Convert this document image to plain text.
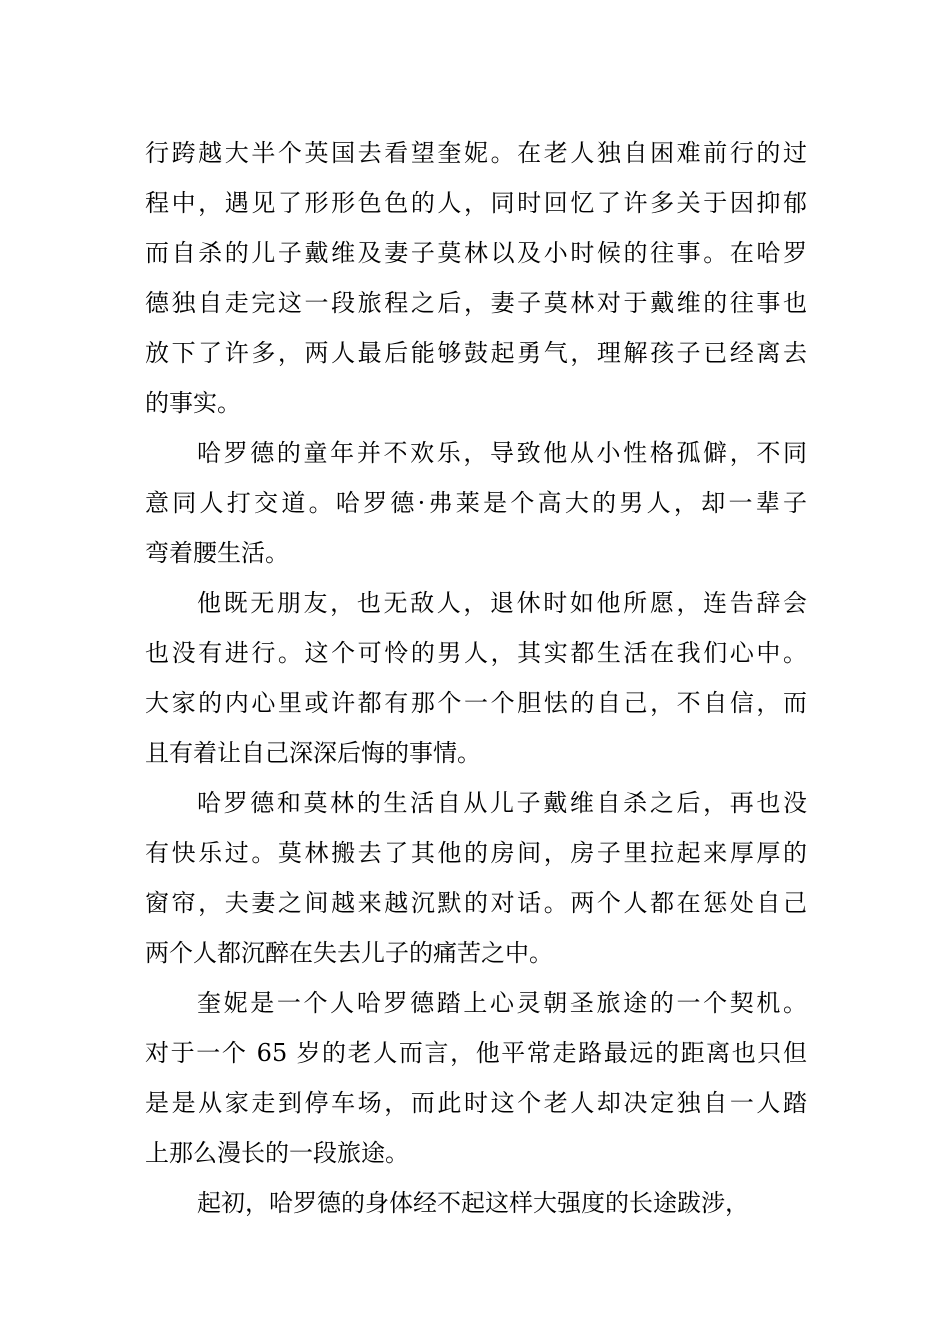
行跨越大半个英国去看望奎妮。在老人独自困难前行的过
程中，遇见了形形色色的人，同时回忆了许多关于因抑郁
而自杀的儿子戴维及妻子莫林以及小时候的往事。在哈罗
德独自走完这一段旅程之后，妻子莫林对于戴维的往事也
放下了许多，两人最后能够鼓起勇气，理解孩子已经离去
的事实。
哈罗德的童年并不欢乐，导致他从小性格孤僻，不同
意同人打交道。哈罗德·弗莱是个高大的男人，却一辈子
弯着腰生活。
他既无朋友，也无敌人，退休时如他所愿，连告辞会
也没有进行。这个可怜的男人，其实都生活在我们心中。
大家的内心里或许都有那个一个胆怯的自己，不自信，而
且有着让自己深深后悔的事情。
哈罗德和莫林的生活自从儿子戴维自杀之后，再也没
有快乐过。莫林搬去了其他的房间，房子里拉起来厚厚的
窗帘，夫妻之间越来越沉默的对话。两个人都在惩处自己
两个人都沉醉在失去儿子的痛苦之中。
奎妮是一个人哈罗德踏上心灵朝圣旅途的一个契机。
对于一个 65 岁的老人而言，他平常走路最远的距离也只但
是是从家走到停车场，而此时这个老人却决定独自一人踏
上那么漫长的一段旅途。
起初，哈罗德的身体经不起这样大强度的长途跋涉，
